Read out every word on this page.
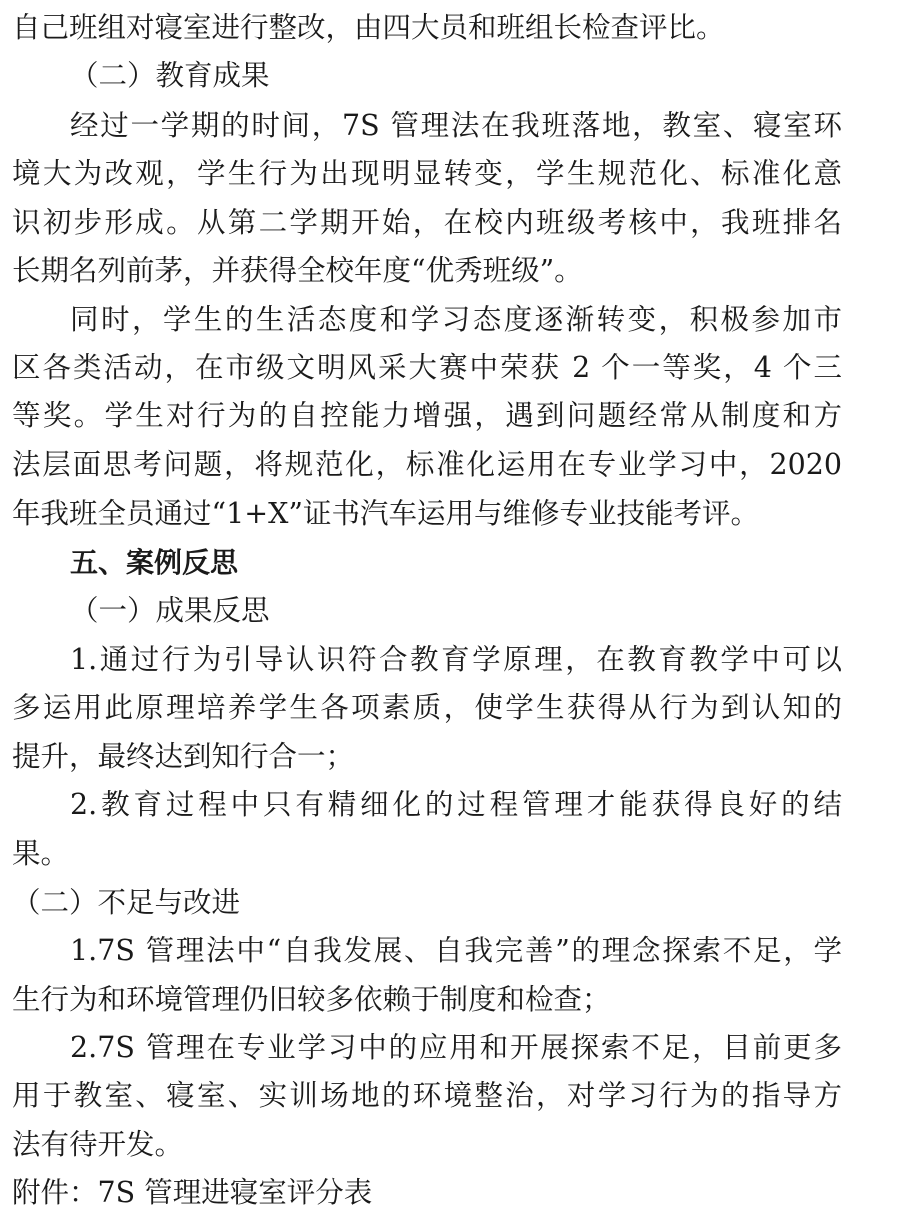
自己班组对寝室进行整改，由四大员和班组长检查评比。
（二）教育成果
经过一学期的时间，7S 管理法在我班落地，教室、寝室环
境大为改观，学生行为出现明显转变，学生规范化、标准化意
识初步形成。从第二学期开始，在校内班级考核中，我班排名
长期名列前茅，并获得全校年度“优秀班级”。
同时，学生的生活态度和学习态度逐渐转变，积极参加市
区各类活动，在市级文明风采大赛中荣获 2 个一等奖，4 个三
等奖。学生对行为的自控能力增强，遇到问题经常从制度和方
法层面思考问题，将规范化，标准化运用在专业学习中，2020
年我班全员通过“1+X”证书汽车运用与维修专业技能考评。
五、案例反思
（一）成果反思
1.通过行为引导认识符合教育学原理，在教育教学中可以
多运用此原理培养学生各项素质，使学生获得从行为到认知的
提升，最终达到知行合一；
2.教育过程中只有精细化的过程管理才能获得良好的结
果。
（二）不足与改进
1.7S 管理法中“自我发展、自我完善”的理念探索不足，学
生行为和环境管理仍旧较多依赖于制度和检查；
2.7S 管理在专业学习中的应用和开展探索不足，目前更多
用于教室、寝室、实训场地的环境整治，对学习行为的指导方
法有待开发。
附件：7S 管理进寝室评分表
